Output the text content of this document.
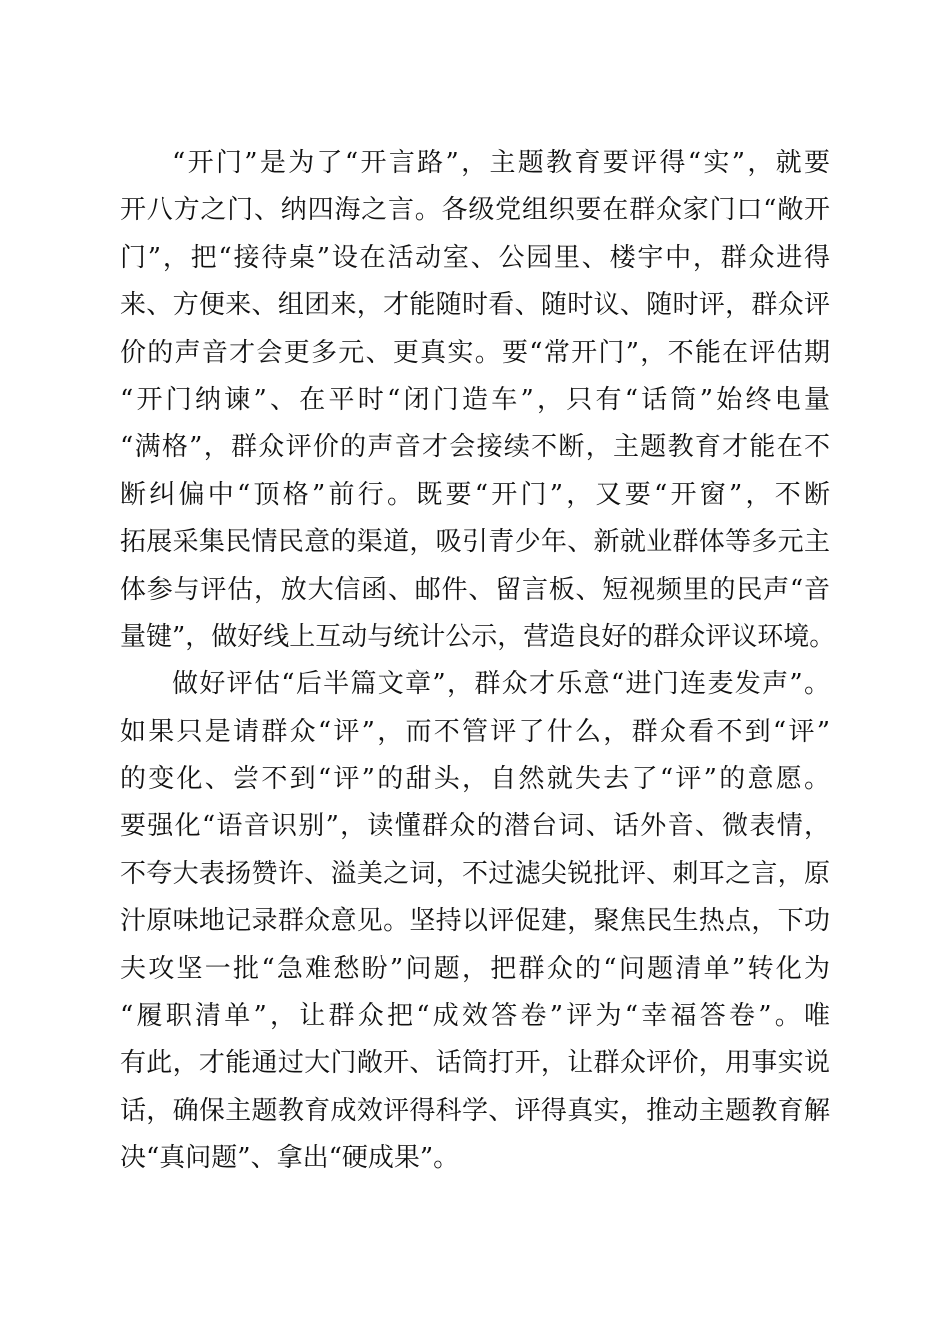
“开门”是为了“开言路”，主题教育要评得“实”，就要
开八方之门、纳四海之言。各级党组织要在群众家门口“敞开
门”，把“接待桌”设在活动室、公园里、楼宇中，群众进得
来、方便来、组团来，才能随时看、随时议、随时评，群众评
价的声音才会更多元、更真实。要“常开门”，不能在评估期
“开门纳谏”、在平时“闭门造车”，只有“话筒”始终电量
“满格”，群众评价的声音才会接续不断，主题教育才能在不
断纠偏中“顶格”前行。既要“开门”，又要“开窗”，不断
拓展采集民情民意的渠道，吸引青少年、新就业群体等多元主
体参与评估，放大信函、邮件、留言板、短视频里的民声“音
量键”，做好线上互动与统计公示，营造良好的群众评议环境。
做好评估“后半篇文章”，群众才乐意“进门连麦发声”。
如果只是请群众“评”，而不管评了什么，群众看不到“评”
的变化、尝不到“评”的甜头，自然就失去了“评”的意愿。
要强化“语音识别”，读懂群众的潜台词、话外音、微表情，
不夸大表扬赞许、溢美之词，不过滤尖锐批评、刺耳之言，原
汁原味地记录群众意见。坚持以评促建，聚焦民生热点，下功
夫攻坚一批“急难愁盼”问题，把群众的“问题清单”转化为
“履职清单”，让群众把“成效答卷”评为“幸福答卷”。唯
有此，才能通过大门敞开、话筒打开，让群众评价，用事实说
话，确保主题教育成效评得科学、评得真实，推动主题教育解
决“真问题”、拿出“硬成果”。
